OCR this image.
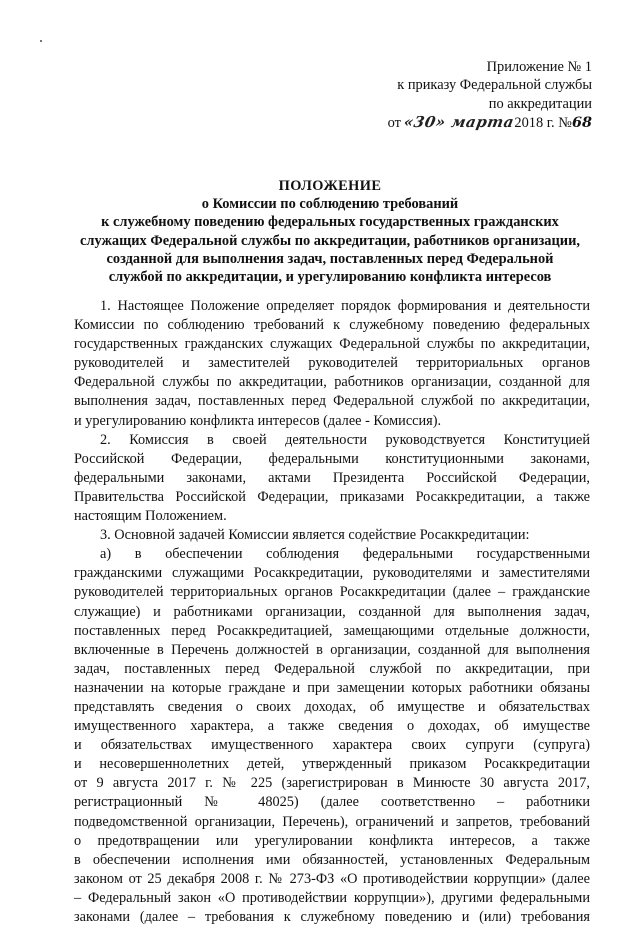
Приложение № 1
к приказу Федеральной службы
по аккредитации
от «30» марта2018 г. №68
ПОЛОЖЕНИЕ
о Комиссии по соблюдению требований
к служебному поведению федеральных государственных гражданских
служащих Федеральной службы по аккредитации, работников организации,
созданной для выполнения задач, поставленных перед Федеральной
службой по аккредитации, и урегулированию конфликта интересов
1. Настоящее Положение определяет порядок формирования и деятельности
Комиссии по соблюдению требований к служебному поведению федеральных
государственных гражданских служащих Федеральной службы по аккредитации,
руководителей и заместителей руководителей территориальных органов
Федеральной службы по аккредитации, работников организации, созданной для
выполнения задач, поставленных перед Федеральной службой по аккредитации,
и урегулированию конфликта интересов (далее - Комиссия).
2. Комиссия в своей деятельности руководствуется Конституцией
Российской Федерации, федеральными конституционными законами,
федеральными законами, актами Президента Российской Федерации,
Правительства Российской Федерации, приказами Росаккредитации, а также
настоящим Положением.
3. Основной задачей Комиссии является содействие Росаккредитации:
а) в обеспечении соблюдения федеральными государственными
гражданскими служащими Росаккредитации, руководителями и заместителями
руководителей территориальных органов Росаккредитации (далее – гражданские
служащие) и работниками организации, созданной для выполнения задач,
поставленных перед Росаккредитацией, замещающими отдельные должности,
включенные в Перечень должностей в организации, созданной для выполнения
задач, поставленных перед Федеральной службой по аккредитации, при
назначении на которые граждане и при замещении которых работники обязаны
представлять сведения о своих доходах, об имуществе и обязательствах
имущественного характера, а также сведения о доходах, об имуществе
и обязательствах имущественного характера своих супруги (супруга)
и несовершеннолетних детей, утвержденный приказом Росаккредитации
от 9 августа 2017 г. № 225 (зарегистрирован в Минюсте 30 августа 2017,
регистрационный № 48025) (далее соответственно – работники
подведомственной организации, Перечень), ограничений и запретов, требований
о предотвращении или урегулировании конфликта интересов, а также
в обеспечении исполнения ими обязанностей, установленных Федеральным
законом от 25 декабря 2008 г. № 273-ФЗ «О противодействии коррупции» (далее
– Федеральный закон «О противодействии коррупции»), другими федеральными
законами (далее – требования к служебному поведению и (или) требования
